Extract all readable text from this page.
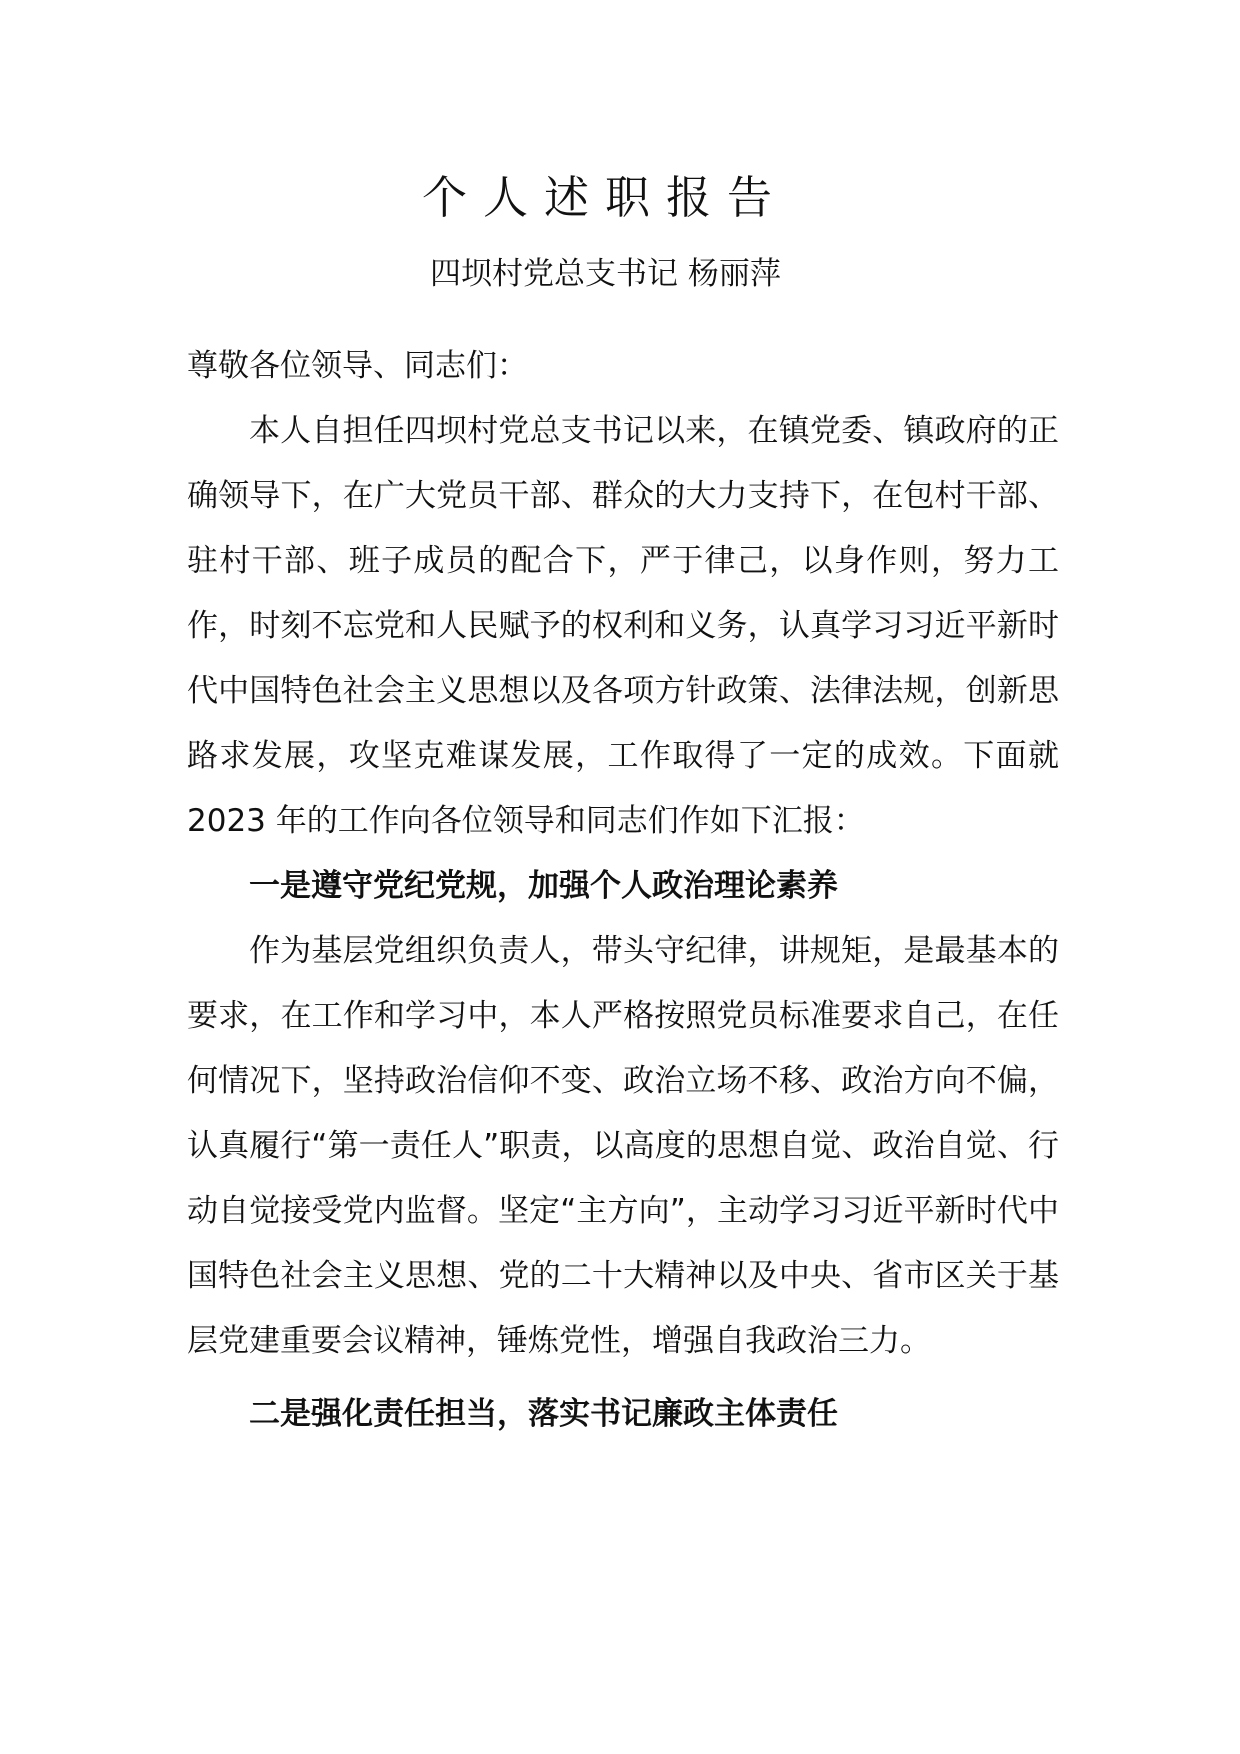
个人述职报告
四坝村党总支书记 杨丽萍

尊敬各位领导、同志们：

本人自担任四坝村党总支书记以来，在镇党委、镇政府的正确领导下，在广大党员干部、群众的大力支持下，在包村干部、驻村干部、班子成员的配合下，严于律己，以身作则，努力工作，时刻不忘党和人民赋予的权利和义务，认真学习习近平新时代中国特色社会主义思想以及各项方针政策、法律法规，创新思路求发展，攻坚克难谋发展，工作取得了一定的成效。下面就 2023 年的工作向各位领导和同志们作如下汇报：

一是遵守党纪党规，加强个人政治理论素养

作为基层党组织负责人，带头守纪律，讲规矩，是最基本的要求，在工作和学习中，本人严格按照党员标准要求自己，在任何情况下，坚持政治信仰不变、政治立场不移、政治方向不偏，认真履行“第一责任人”职责，以高度的思想自觉、政治自觉、行动自觉接受党内监督。坚定“主方向”，主动学习习近平新时代中国特色社会主义思想、党的二十大精神以及中央、省市区关于基层党建重要会议精神，锤炼党性，增强自我政治三力。

二是强化责任担当，落实书记廉政主体责任
